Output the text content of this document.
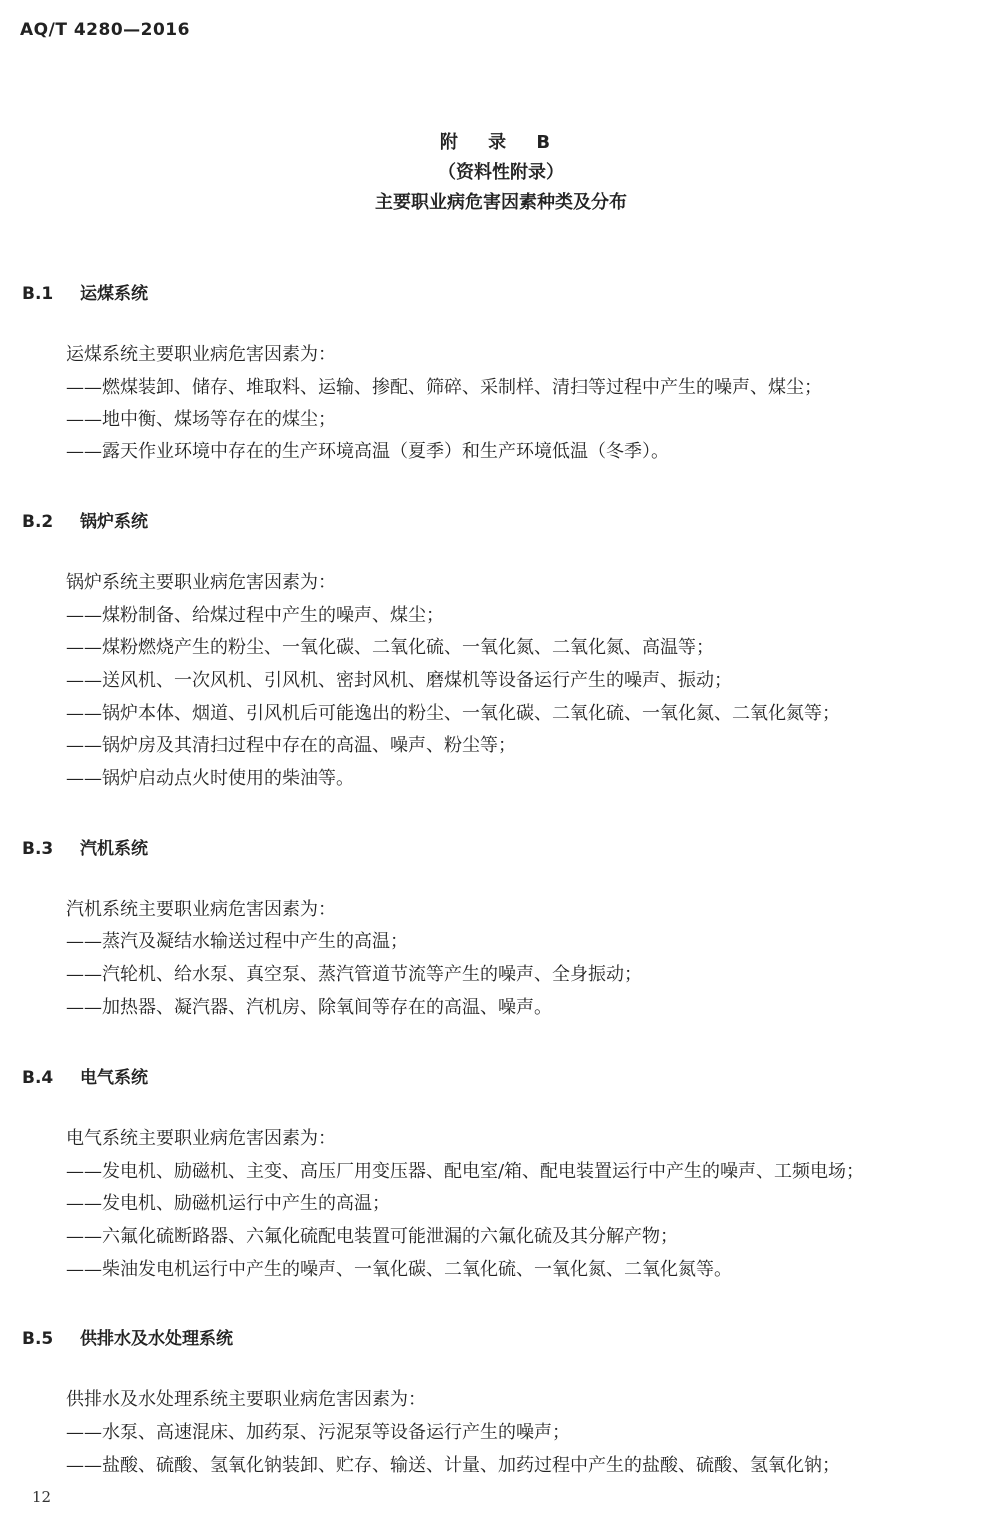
AQ/T 4280—2016
附 录 B
（资料性附录）
主要职业病危害因素种类及分布
B.1 运煤系统
运煤系统主要职业病危害因素为：
——燃煤装卸、储存、堆取料、运输、掺配、筛碎、采制样、清扫等过程中产生的噪声、煤尘；
——地中衡、煤场等存在的煤尘；
——露天作业环境中存在的生产环境高温（夏季）和生产环境低温（冬季）。
B.2 锅炉系统
锅炉系统主要职业病危害因素为：
——煤粉制备、给煤过程中产生的噪声、煤尘；
——煤粉燃烧产生的粉尘、一氧化碳、二氧化硫、一氧化氮、二氧化氮、高温等；
——送风机、一次风机、引风机、密封风机、磨煤机等设备运行产生的噪声、振动；
——锅炉本体、烟道、引风机后可能逸出的粉尘、一氧化碳、二氧化硫、一氧化氮、二氧化氮等；
——锅炉房及其清扫过程中存在的高温、噪声、粉尘等；
——锅炉启动点火时使用的柴油等。
B.3 汽机系统
汽机系统主要职业病危害因素为：
——蒸汽及凝结水输送过程中产生的高温；
——汽轮机、给水泵、真空泵、蒸汽管道节流等产生的噪声、全身振动；
——加热器、凝汽器、汽机房、除氧间等存在的高温、噪声。
B.4 电气系统
电气系统主要职业病危害因素为：
——发电机、励磁机、主变、高压厂用变压器、配电室/箱、配电装置运行中产生的噪声、工频电场；
——发电机、励磁机运行中产生的高温；
——六氟化硫断路器、六氟化硫配电装置可能泄漏的六氟化硫及其分解产物；
——柴油发电机运行中产生的噪声、一氧化碳、二氧化硫、一氧化氮、二氧化氮等。
B.5 供排水及水处理系统
供排水及水处理系统主要职业病危害因素为：
——水泵、高速混床、加药泵、污泥泵等设备运行产生的噪声；
——盐酸、硫酸、氢氧化钠装卸、贮存、输送、计量、加药过程中产生的盐酸、硫酸、氢氧化钠；
12
